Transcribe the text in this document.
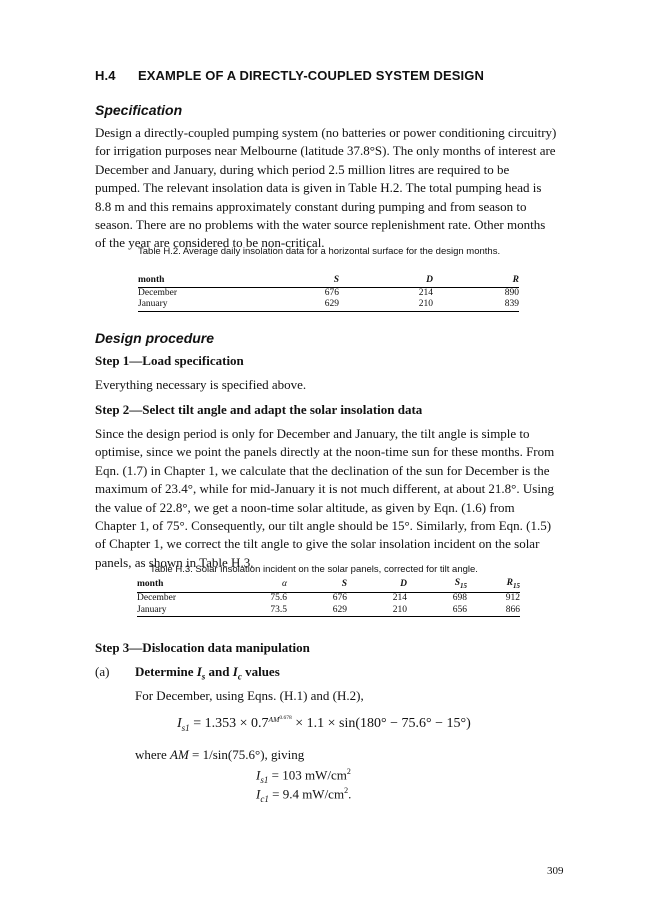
H.4 EXAMPLE OF A DIRECTLY-COUPLED SYSTEM DESIGN
Specification

Design a directly-coupled pumping system (no batteries or power conditioning circuitry) for irrigation purposes near Melbourne (latitude 37.8°S). The only months of interest are December and January, during which period 2.5 million litres are required to be pumped. The relevant insolation data is given in Table H.2. The total pumping head is 8.8 m and this remains approximately constant during pumping and from season to season. There are no problems with the water source replenishment rate. Other months of the year are considered to be non-critical.

Table H.2. Average daily insolation data for a horizontal surface for the design months.
month	S	D	R
December	676	214	890
January	629	210	839
Design procedure
Step 1—Load specification
Everything necessary is specified above.
Step 2—Select tilt angle and adapt the solar insolation data

Since the design period is only for December and January, the tilt angle is simple to optimise, since we point the panels directly at the noon-time sun for these months. From Eqn. (1.7) in Chapter 1, we calculate that the declination of the sun for December is the maximum of 23.4°, while for mid-January it is not much different, at about 21.8°. Using the value of 22.8°, we get a noon-time solar altitude, as given by Eqn. (1.6) from Chapter 1, of 75°. Consequently, our tilt angle should be 15°. Similarly, from Eqn. (1.5) of Chapter 1, we correct the tilt angle to give the solar insolation incident on the solar panels, as shown in Table H.3.

Table H.3. Solar insolation incident on the solar panels, corrected for tilt angle.
month	α	S	D	$S_{15}$	$R_{15}$
December	75.6	676	214	698	912
January	73.5	629	210	656	866
Step 3—Dislocation data manipulation
(a) Determine $I_s$ and $I_c$ values
For December, using Eqns. (H.1) and (H.2),
$I_{s1} = 1.353 \times 0.7^{AM^{0.678}} \times 1.1 \times \sin(180^\circ - 75.6^\circ - 15^\circ)$
where AM = 1/sin(75.6°), giving
$I_{s1} = 103$ $mW/cm^2$
$I_{c1} = 9.4$ $mW/cm^2$.
309
